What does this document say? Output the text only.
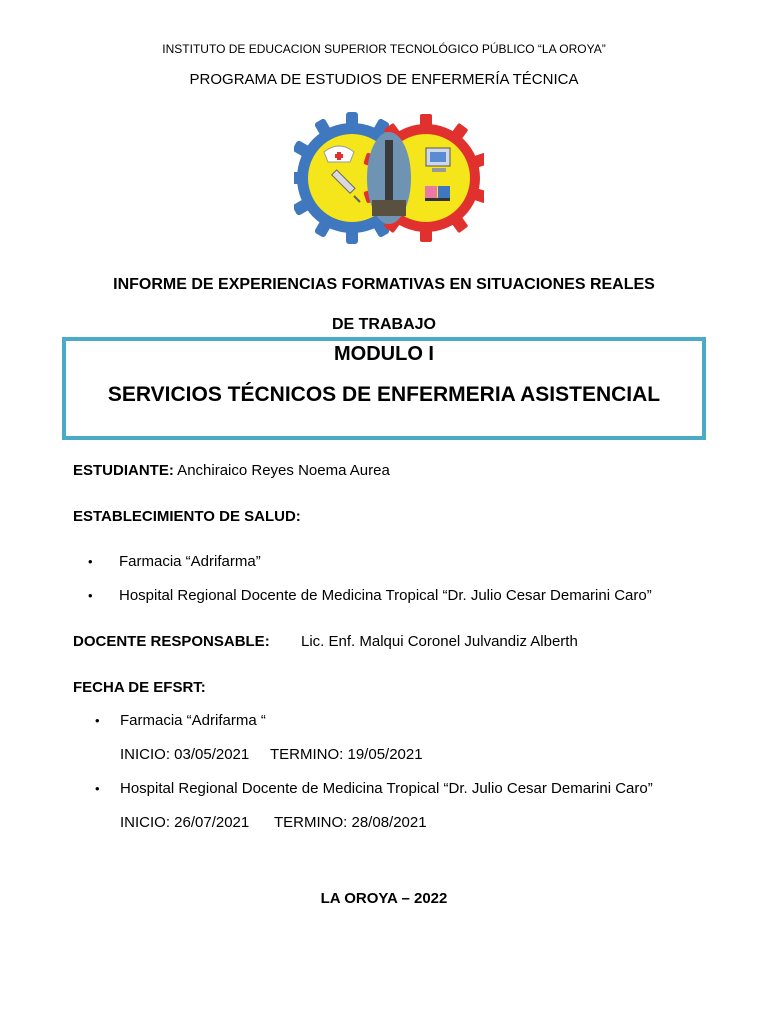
INSTITUTO DE EDUCACION SUPERIOR TECNOLÓGICO PÚBLICO “LA OROYA”
PROGRAMA DE ESTUDIOS DE ENFERMERÍA TÉCNICA
INFORME DE EXPERIENCIAS FORMATIVAS EN SITUACIONES REALES
DE TRABAJO
MODULO I
SERVICIOS TÉCNICOS DE ENFERMERIA ASISTENCIAL
ESTUDIANTE: Anchiraico Reyes Noema Aurea
ESTABLECIMIENTO DE SALUD:
• Farmacia “Adrifarma”
• Hospital Regional Docente de Medicina Tropical “Dr. Julio Cesar Demarini Caro”
DOCENTE RESPONSABLE: Lic. Enf. Malqui Coronel Julvandiz Alberth
FECHA DE EFSRT:
• Farmacia “Adrifarma “
INICIO: 03/05/2021 TERMINO: 19/05/2021
• Hospital Regional Docente de Medicina Tropical “Dr. Julio Cesar Demarini Caro”
INICIO: 26/07/2021 TERMINO: 28/08/2021
LA OROYA – 2022
